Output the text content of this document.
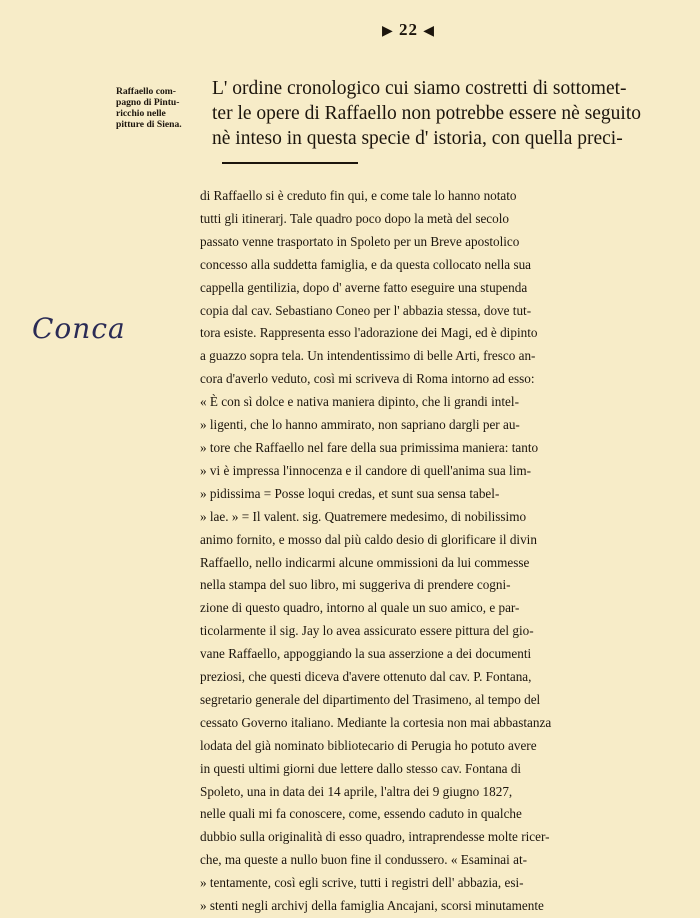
▶ 22 ◀
Raffaello com-
pagno di Pintu-
ricchio nelle
pitture di Siena.
Conca
L' ordine cronologico cui siamo costretti di sottomet-
ter le opere di Raffaello non potrebbe essere nè seguito
nè inteso in questa specie d' istoria, con quella preci-
di Raffaello si è creduto fin qui, e come tale lo hanno notato
tutti gli itinerarj. Tale quadro poco dopo la metà del secolo
passato venne trasportato in Spoleto per un Breve apostolico
concesso alla suddetta famiglia, e da questa collocato nella sua
cappella gentilizia, dopo d' averne fatto eseguire una stupenda
copia dal cav. Sebastiano Coneo per l' abbazia stessa, dove tut-
tora esiste. Rappresenta esso l'adorazione dei Magi, ed è dipinto
a guazzo sopra tela. Un intendentissimo di belle Arti, fresco an-
cora d'averlo veduto, così mi scriveva di Roma intorno ad esso:
« È con sì dolce e nativa maniera dipinto, che li grandi intel-
» ligenti, che lo hanno ammirato, non sapriano dargli per au-
» tore che Raffaello nel fare della sua primissima maniera: tanto
» vi è impressa l'innocenza e il candore di quell'anima sua lim-
» pidissima = Posse loqui credas, et sunt sua sensa tabel-
» lae. » = Il valent. sig. Quatremere medesimo, di nobilissimo
animo fornito, e mosso dal più caldo desio di glorificare il divin
Raffaello, nello indicarmi alcune ommissioni da lui commesse
nella stampa del suo libro, mi suggeriva di prendere cogni-
zione di questo quadro, intorno al quale un suo amico, e par-
ticolarmente il sig. Jay lo avea assicurato essere pittura del gio-
vane Raffaello, appoggiando la sua asserzione a dei documenti
preziosi, che questi diceva d'avere ottenuto dal cav. P. Fontana,
segretario generale del dipartimento del Trasimeno, al tempo del
cessato Governo italiano. Mediante la cortesia non mai abbastanza
lodata del già nominato bibliotecario di Perugia ho potuto avere
in questi ultimi giorni due lettere dallo stesso cav. Fontana di
Spoleto, una in data dei 14 aprile, l'altra dei 9 giugno 1827,
nelle quali mi fa conoscere, come, essendo caduto in qualche
dubbio sulla originalità di esso quadro, intraprendesse molte ricer-
che, ma queste a nullo buon fine il condussero. « Esaminai at-
» tentamente, così egli scrive, tutti i registri dell' abbazia, esi-
» stenti negli archivj della famiglia Ancajani, scorsi minutamente
